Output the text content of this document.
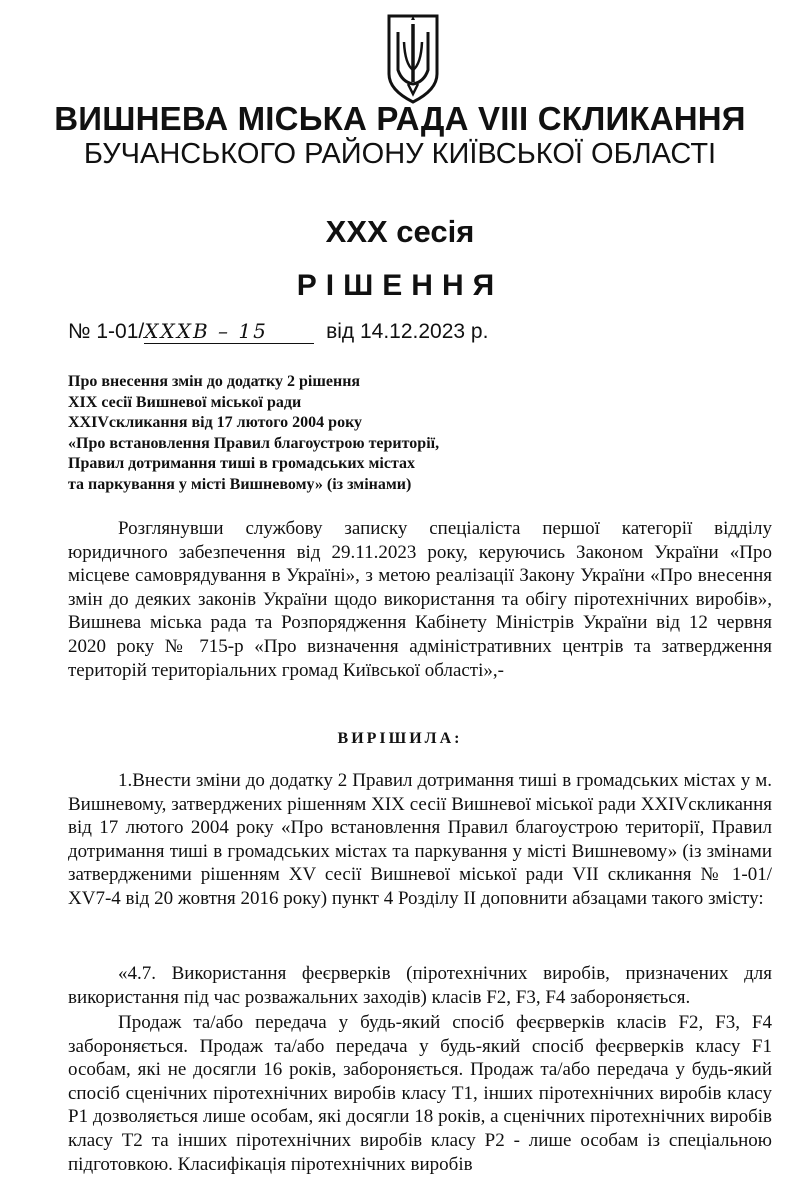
ВИШНЕВА МІСЬКА РАДА VIII СКЛИКАННЯ
БУЧАНСЬКОГО РАЙОНУ КИЇВСЬКОЇ ОБЛАСТІ
XXX сесія
РІШЕННЯ
№ 1-01/XXXВ – 15	від 14.12.2023 р.
Про внесення змін до додатку 2 рішення
XIX сесії Вишневої міської ради
XXIVскликання від 17 лютого 2004 року
«Про встановлення Правил благоустрою території,
Правил дотримання тиші в громадських містах
та паркування у місті Вишневому» (із змінами)

Розглянувши службову записку спеціаліста першої категорії відділу юридичного забезпечення від 29.11.2023 року, керуючись Законом України «Про місцеве самоврядування в Україні», з метою реалізації Закону України «Про внесення змін до деяких законів України щодо використання та обігу піротехнічних виробів», Вишнева міська рада та Розпорядження Кабінету Міністрів України від 12 червня 2020 року № 715-р «Про визначення адміністративних центрів та затвердження територій територіальних громад Київської області»,-

ВИРІШИЛА:

1.Внести зміни до додатку 2 Правил дотримання тиші в громадських містах у м. Вишневому, затверджених рішенням XIX сесії Вишневої міської ради XXIVскликання від 17 лютого 2004 року «Про встановлення Правил благоустрою території, Правил дотримання тиші в громадських містах та паркування у місті Вишневому» (із змінами затвердженими рішенням XV сесії Вишневої міської ради VII скликання № 1-01/ XV7-4 від 20 жовтня 2016 року) пункт 4 Розділу II доповнити абзацами такого змісту:

«4.7. Використання феєрверків (піротехнічних виробів, призначених для використання під час розважальних заходів) класів F2, F3, F4 забороняється.

Продаж та/або передача у будь-який спосіб феєрверків класів F2, F3, F4 забороняється. Продаж та/або передача у будь-який спосіб феєрверків класу F1 особам, які не досягли 16 років, забороняється. Продаж та/або передача у будь-який спосіб сценічних піротехнічних виробів класу T1, інших піротехнічних виробів класу P1 дозволяється лише особам, які досягли 18 років, а сценічних піротехнічних виробів класу T2 та інших піротехнічних виробів класу P2 - лише особам із спеціальною підготовкою. Класифікація піротехнічних виробів
